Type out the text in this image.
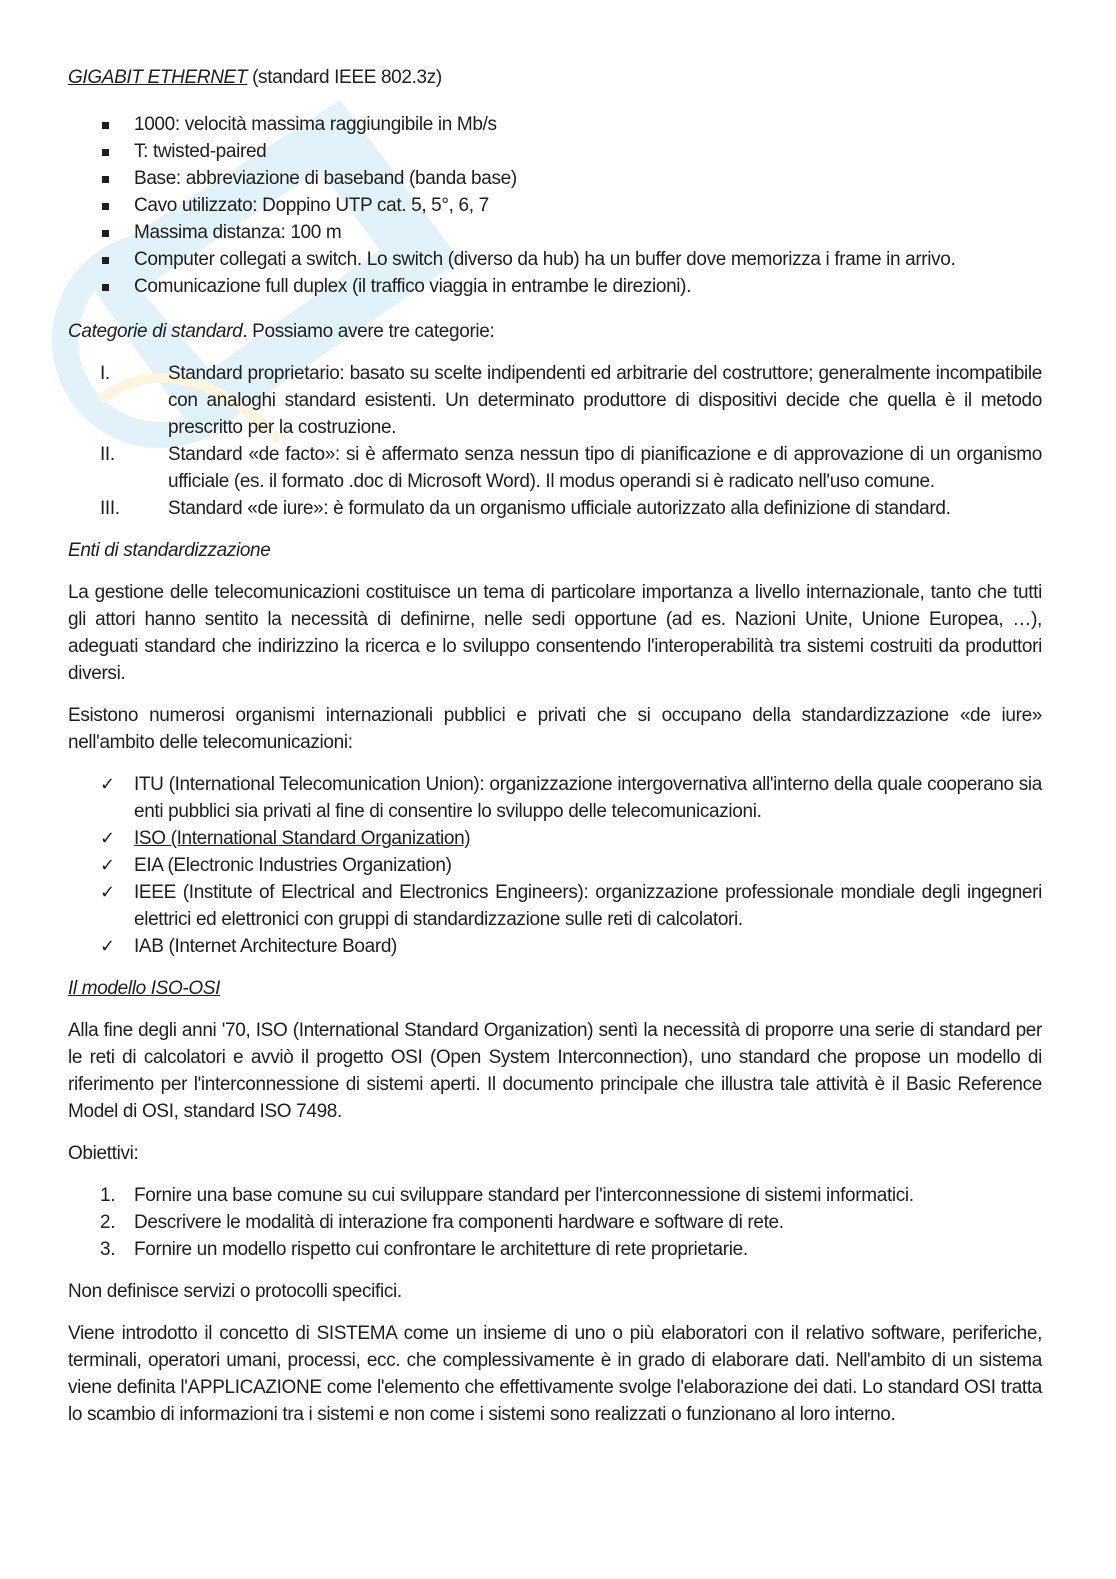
GIGABIT ETHERNET (standard IEEE 802.3z)

1000: velocità massima raggiungibile in Mb/s
T: twisted-paired
Base: abbreviazione di baseband (banda base)
Cavo utilizzato: Doppino UTP cat. 5, 5°, 6, 7
Massima distanza: 100 m
Computer collegati a switch. Lo switch (diverso da hub) ha un buffer dove memorizza i frame in arrivo.
Comunicazione full duplex (il traffico viaggia in entrambe le direzioni).

Categorie di standard. Possiamo avere tre categorie:

I.	Standard proprietario: basato su scelte indipendenti ed arbitrarie del costruttore; generalmente incompatibile con analoghi standard esistenti. Un determinato produttore di dispositivi decide che quella è il metodo prescritto per la costruzione.
II.	Standard «de facto»: si è affermato senza nessun tipo di pianificazione e di approvazione di un organismo ufficiale (es. il formato .doc di Microsoft Word). Il modus operandi si è radicato nell'uso comune.
III.	Standard «de iure»: è formulato da un organismo ufficiale autorizzato alla definizione di standard.

Enti di standardizzazione

La gestione delle telecomunicazioni costituisce un tema di particolare importanza a livello internazionale, tanto che tutti gli attori hanno sentito la necessità di definirne, nelle sedi opportune (ad es. Nazioni Unite, Unione Europea, …), adeguati standard che indirizzino la ricerca e lo sviluppo consentendo l'interoperabilità tra sistemi costruiti da produttori diversi.

Esistono numerosi organismi internazionali pubblici e privati che si occupano della standardizzazione «de iure» nell'ambito delle telecomunicazioni:

✓ ITU (International Telecomunication Union): organizzazione intergovernativa all'interno della quale cooperano sia enti pubblici sia privati al fine di consentire lo sviluppo delle telecomunicazioni.
✓ ISO (International Standard Organization)
✓ EIA (Electronic Industries Organization)
✓ IEEE (Institute of Electrical and Electronics Engineers): organizzazione professionale mondiale degli ingegneri elettrici ed elettronici con gruppi di standardizzazione sulle reti di calcolatori.
✓ IAB (Internet Architecture Board)

Il modello ISO-OSI

Alla fine degli anni '70, ISO (International Standard Organization) sentì la necessità di proporre una serie di standard per le reti di calcolatori e avviò il progetto OSI (Open System Interconnection), uno standard che propose un modello di riferimento per l'interconnessione di sistemi aperti. Il documento principale che illustra tale attività è il Basic Reference Model di OSI, standard ISO 7498.

Obiettivi:

1. Fornire una base comune su cui sviluppare standard per l'interconnessione di sistemi informatici.
2. Descrivere le modalità di interazione fra componenti hardware e software di rete.
3. Fornire un modello rispetto cui confrontare le architetture di rete proprietarie.

Non definisce servizi o protocolli specifici.

Viene introdotto il concetto di SISTEMA come un insieme di uno o più elaboratori con il relativo software, periferiche, terminali, operatori umani, processi, ecc. che complessivamente è in grado di elaborare dati. Nell'ambito di un sistema viene definita l'APPLICAZIONE come l'elemento che effettivamente svolge l'elaborazione dei dati. Lo standard OSI tratta lo scambio di informazioni tra i sistemi e non come i sistemi sono realizzati o funzionano al loro interno.
